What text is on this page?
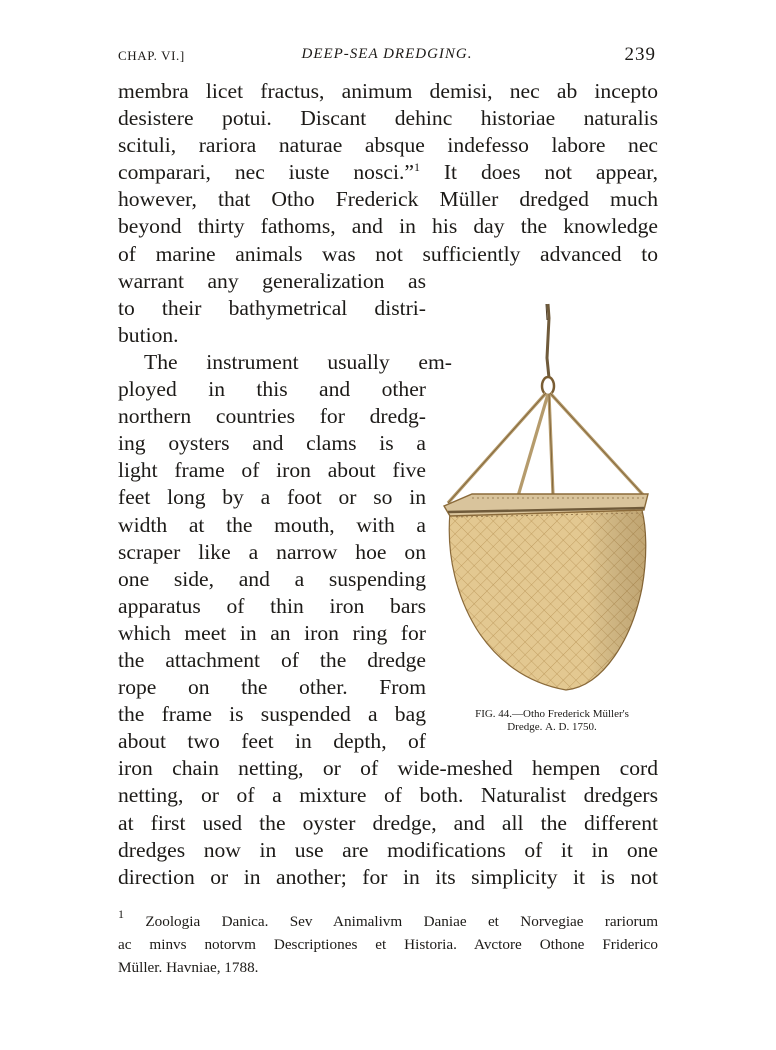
CHAP. VI.]	DEEP-SEA DREDGING.	239
membra licet fractus, animum demisi, nec ab incepto
desistere potui. Discant dehinc historiae naturalis
scituli, rariora naturae absque indefesso labore nec
comparari, nec iuste nosci.”$^1$ It does not appear,
however, that Otho Frederick Müller dredged much
beyond thirty fathoms, and in his day the knowledge
of marine animals was not sufficiently advanced to
warrant any generalization as
to their bathymetrical distri-
bution.
The instrument usually em-
ployed in this and other
northern countries for dredg-
ing oysters and clams is a
light frame of iron about five
feet long by a foot or so in
width at the mouth, with a
scraper like a narrow hoe on
one side, and a suspending
apparatus of thin iron bars
which meet in an iron ring for
the attachment of the dredge
rope on the other. From
the frame is suspended a bag
about two feet in depth, of
iron chain netting, or of wide-meshed hempen cord
netting, or of a mixture of both. Naturalist dredgers
at first used the oyster dredge, and all the different
dredges now in use are modifications of it in one
direction or in another; for in its simplicity it is not
FIG. 44.—Otho Frederick Müller's
Dredge. A. D. 1750.
$^1$ Zoologia Danica. Sev Animalivm Daniae et Norvegiae rariorum
ac minvs notorvm Descriptiones et Historia. Avctore Othone Friderico
Müller. Havniae, 1788.
